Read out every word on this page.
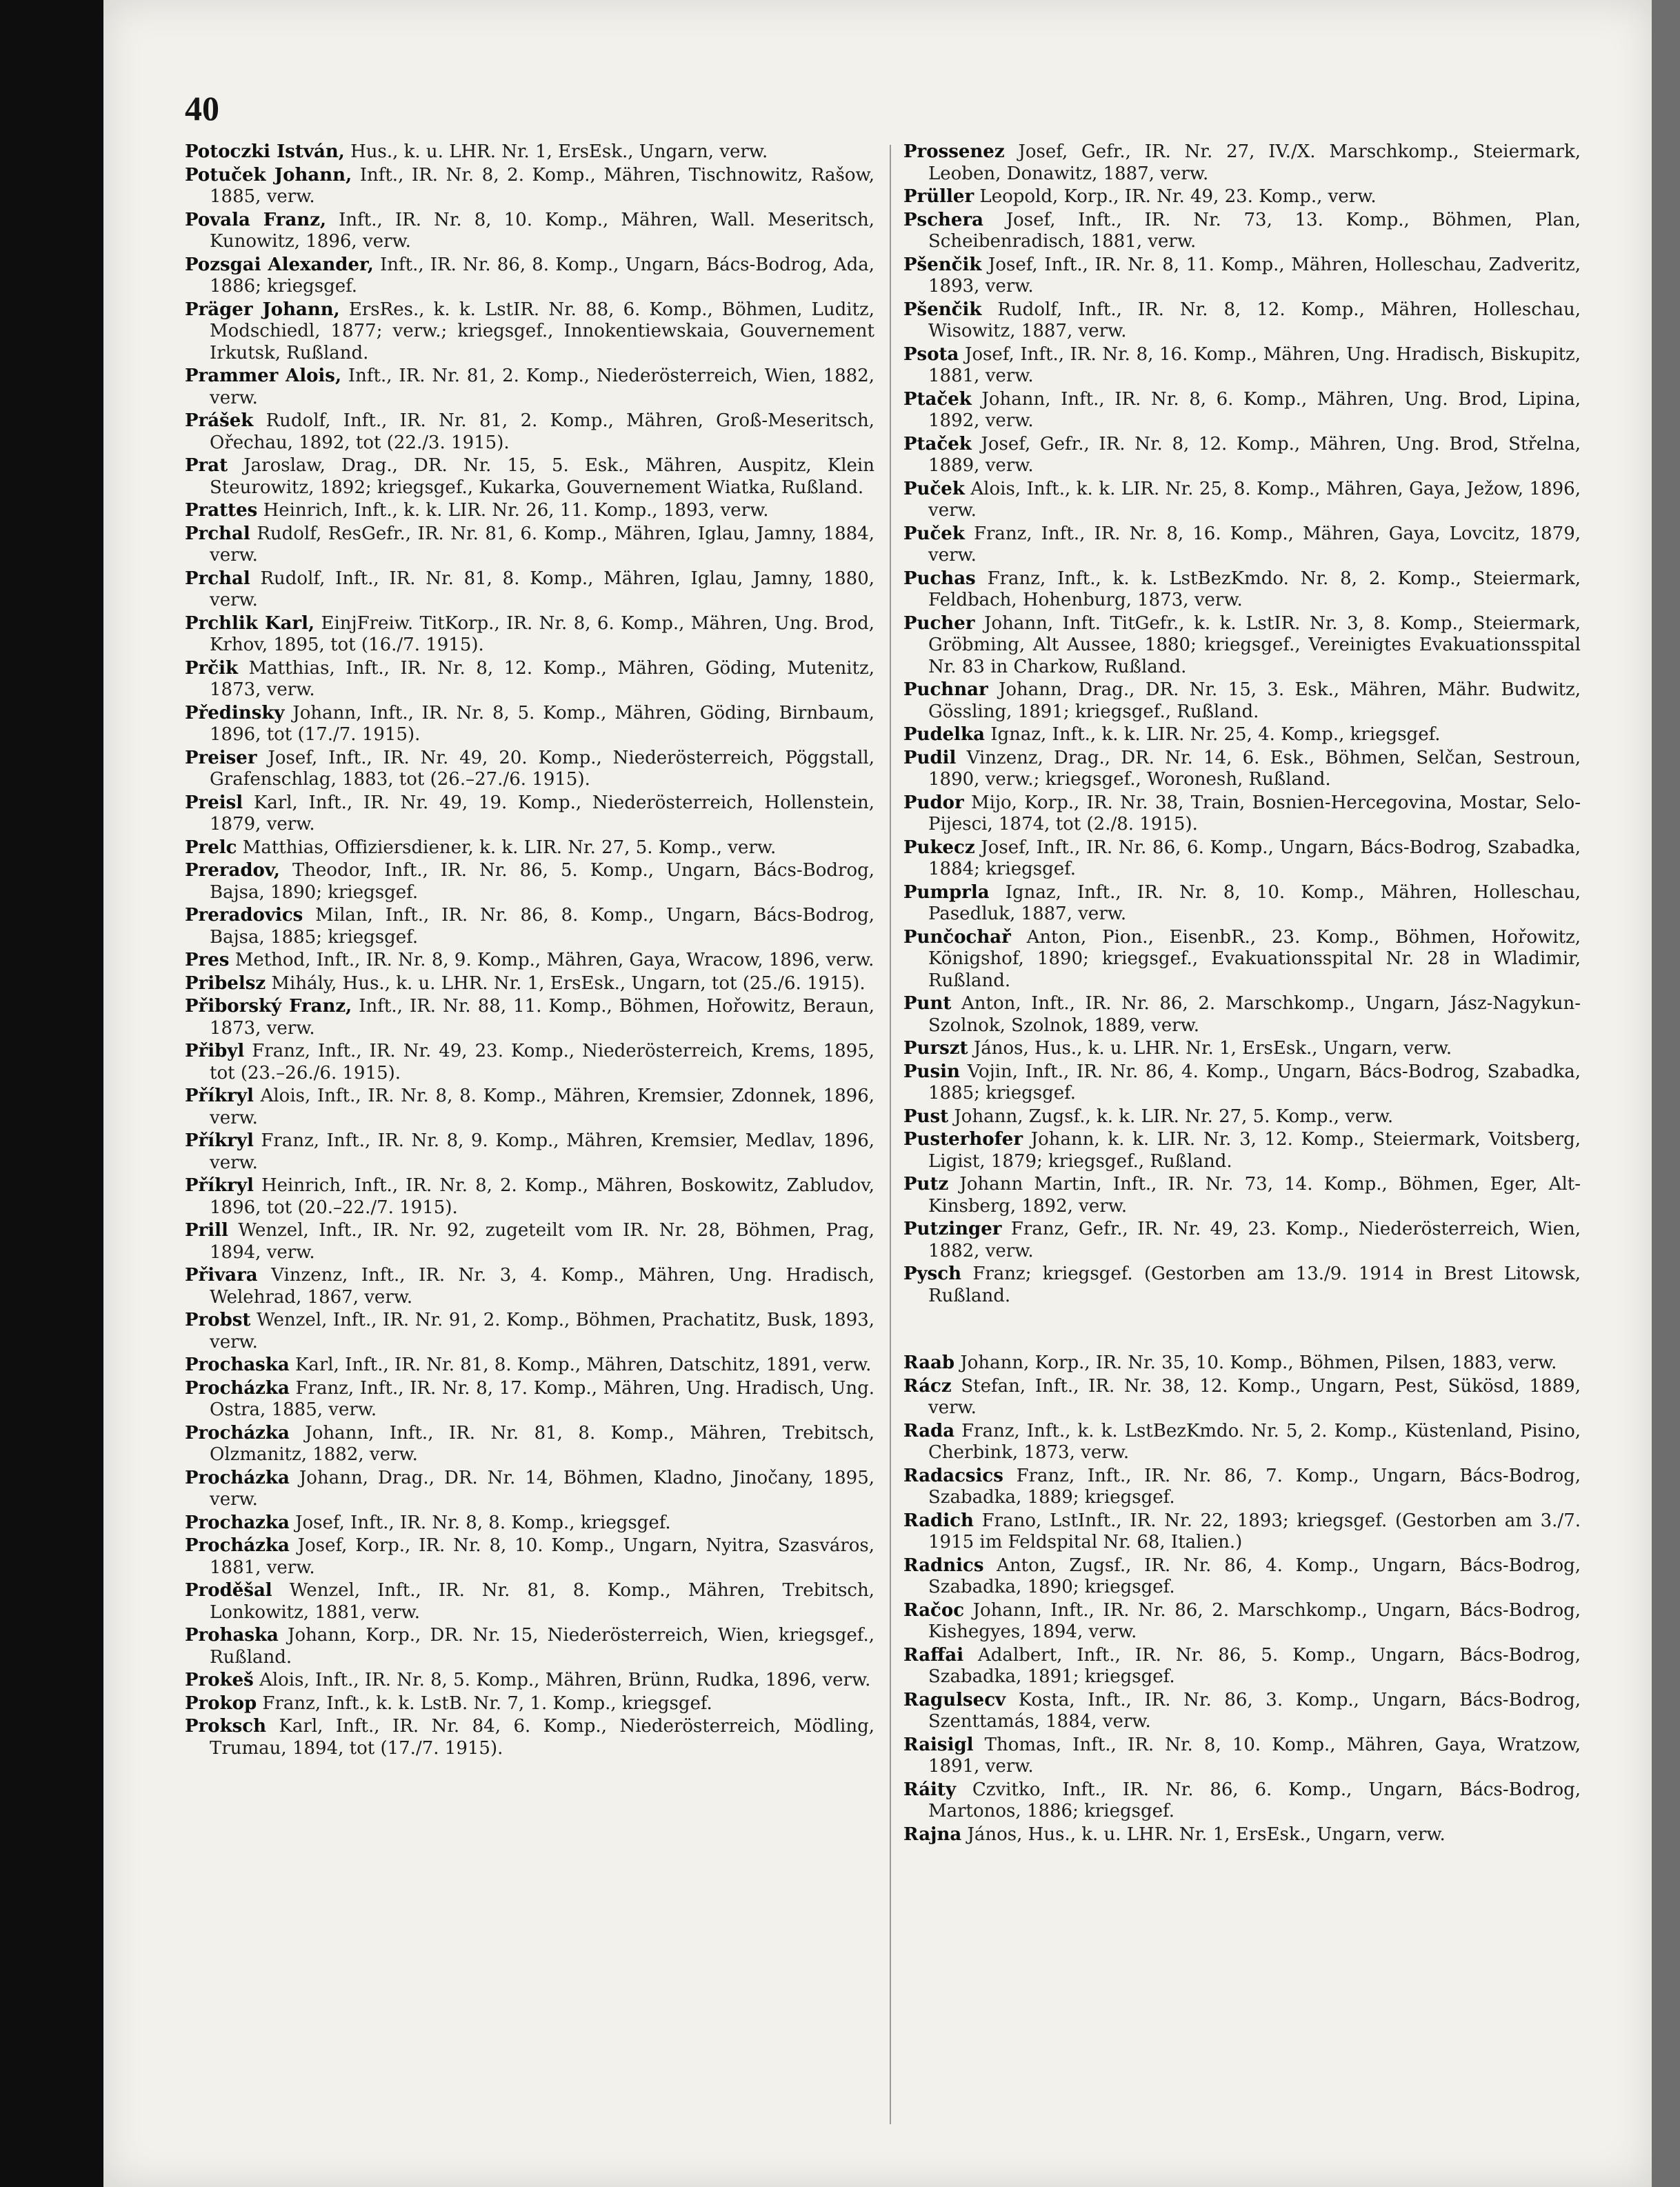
40
Potoczki István, Hus., k. u. LHR. Nr. 1, ErsEsk., Ungarn, verw.
Potuček Johann, Inft., IR. Nr. 8, 2. Komp., Mähren, Tischnowitz, Rašow, 1885, verw.
Povala Franz, Inft., IR. Nr. 8, 10. Komp., Mähren, Wall. Meseritsch, Kunowitz, 1896, verw.
Pozsgai Alexander, Inft., IR. Nr. 86, 8. Komp., Ungarn, Bács-Bodrog, Ada, 1886; kriegsgef.
Präger Johann, ErsRes., k. k. LstIR. Nr. 88, 6. Komp., Böhmen, Luditz, Modschiedl, 1877; verw.; kriegsgef., Innokentiewskaia, Gouvernement Irkutsk, Rußland.
Prammer Alois, Inft., IR. Nr. 81, 2. Komp., Niederösterreich, Wien, 1882, verw.
Prášek Rudolf, Inft., IR. Nr. 81, 2. Komp., Mähren, Groß-Meseritsch, Ořechau, 1892, tot (22./3. 1915).
Prat Jaroslaw, Drag., DR. Nr. 15, 5. Esk., Mähren, Auspitz, Klein Steurowitz, 1892; kriegsgef., Kukarka, Gouvernement Wiatka, Rußland.
Prattes Heinrich, Inft., k. k. LIR. Nr. 26, 11. Komp., 1893, verw.
Prchal Rudolf, ResGefr., IR. Nr. 81, 6. Komp., Mähren, Iglau, Jamny, 1884, verw.
Prchal Rudolf, Inft., IR. Nr. 81, 8. Komp., Mähren, Iglau, Jamny, 1880, verw.
Prchlik Karl, EinjFreiw. TitKorp., IR. Nr. 8, 6. Komp., Mähren, Ung. Brod, Krhov, 1895, tot (16./7. 1915).
Prčik Matthias, Inft., IR. Nr. 8, 12. Komp., Mähren, Göding, Mutenitz, 1873, verw.
Předinsky Johann, Inft., IR. Nr. 8, 5. Komp., Mähren, Göding, Birnbaum, 1896, tot (17./7. 1915).
Preiser Josef, Inft., IR. Nr. 49, 20. Komp., Niederösterreich, Pöggstall, Grafenschlag, 1883, tot (26.–27./6. 1915).
Preisl Karl, Inft., IR. Nr. 49, 19. Komp., Niederösterreich, Hollenstein, 1879, verw.
Prelc Matthias, Offiziersdiener, k. k. LIR. Nr. 27, 5. Komp., verw.
Preradov, Theodor, Inft., IR. Nr. 86, 5. Komp., Ungarn, Bács-Bodrog, Bajsa, 1890; kriegsgef.
Preradovics Milan, Inft., IR. Nr. 86, 8. Komp., Ungarn, Bács-Bodrog, Bajsa, 1885; kriegsgef.
Pres Method, Inft., IR. Nr. 8, 9. Komp., Mähren, Gaya, Wracow, 1896, verw.
Pribelsz Mihály, Hus., k. u. LHR. Nr. 1, ErsEsk., Ungarn, tot (25./6. 1915).
Přiborský Franz, Inft., IR. Nr. 88, 11. Komp., Böhmen, Hořowitz, Beraun, 1873, verw.
Přibyl Franz, Inft., IR. Nr. 49, 23. Komp., Niederösterreich, Krems, 1895, tot (23.–26./6. 1915).
Příkryl Alois, Inft., IR. Nr. 8, 8. Komp., Mähren, Kremsier, Zdonnek, 1896, verw.
Příkryl Franz, Inft., IR. Nr. 8, 9. Komp., Mähren, Kremsier, Medlav, 1896, verw.
Příkryl Heinrich, Inft., IR. Nr. 8, 2. Komp., Mähren, Boskowitz, Zabludov, 1896, tot (20.–22./7. 1915).
Prill Wenzel, Inft., IR. Nr. 92, zugeteilt vom IR. Nr. 28, Böhmen, Prag, 1894, verw.
Přivara Vinzenz, Inft., IR. Nr. 3, 4. Komp., Mähren, Ung. Hradisch, Welehrad, 1867, verw.
Probst Wenzel, Inft., IR. Nr. 91, 2. Komp., Böhmen, Prachatitz, Busk, 1893, verw.
Prochaska Karl, Inft., IR. Nr. 81, 8. Komp., Mähren, Datschitz, 1891, verw.
Procházka Franz, Inft., IR. Nr. 8, 17. Komp., Mähren, Ung. Hradisch, Ung. Ostra, 1885, verw.
Procházka Johann, Inft., IR. Nr. 81, 8. Komp., Mähren, Trebitsch, Olzmanitz, 1882, verw.
Procházka Johann, Drag., DR. Nr. 14, Böhmen, Kladno, Jinočany, 1895, verw.
Prochazka Josef, Inft., IR. Nr. 8, 8. Komp., kriegsgef.
Procházka Josef, Korp., IR. Nr. 8, 10. Komp., Ungarn, Nyitra, Szasváros, 1881, verw.
Proděšal Wenzel, Inft., IR. Nr. 81, 8. Komp., Mähren, Trebitsch, Lonkowitz, 1881, verw.
Prohaska Johann, Korp., DR. Nr. 15, Niederösterreich, Wien, kriegsgef., Rußland.
Prokeš Alois, Inft., IR. Nr. 8, 5. Komp., Mähren, Brünn, Rudka, 1896, verw.
Prokop Franz, Inft., k. k. LstB. Nr. 7, 1. Komp., kriegsgef.
Proksch Karl, Inft., IR. Nr. 84, 6. Komp., Niederösterreich, Mödling, Trumau, 1894, tot (17./7. 1915).
Prossenez Josef, Gefr., IR. Nr. 27, IV./X. Marschkomp., Steiermark, Leoben, Donawitz, 1887, verw.
Prüller Leopold, Korp., IR. Nr. 49, 23. Komp., verw.
Pschera Josef, Inft., IR. Nr. 73, 13. Komp., Böhmen, Plan, Scheibenradisch, 1881, verw.
Pšenčik Josef, Inft., IR. Nr. 8, 11. Komp., Mähren, Holleschau, Zadveritz, 1893, verw.
Pšenčik Rudolf, Inft., IR. Nr. 8, 12. Komp., Mähren, Holleschau, Wisowitz, 1887, verw.
Psota Josef, Inft., IR. Nr. 8, 16. Komp., Mähren, Ung. Hradisch, Biskupitz, 1881, verw.
Ptaček Johann, Inft., IR. Nr. 8, 6. Komp., Mähren, Ung. Brod, Lipina, 1892, verw.
Ptaček Josef, Gefr., IR. Nr. 8, 12. Komp., Mähren, Ung. Brod, Střelna, 1889, verw.
Puček Alois, Inft., k. k. LIR. Nr. 25, 8. Komp., Mähren, Gaya, Ježow, 1896, verw.
Puček Franz, Inft., IR. Nr. 8, 16. Komp., Mähren, Gaya, Lovcitz, 1879, verw.
Puchas Franz, Inft., k. k. LstBezKmdo. Nr. 8, 2. Komp., Steiermark, Feldbach, Hohenburg, 1873, verw.
Pucher Johann, Inft. TitGefr., k. k. LstIR. Nr. 3, 8. Komp., Steiermark, Gröbming, Alt Aussee, 1880; kriegsgef., Vereinigtes Evakuationsspital Nr. 83 in Charkow, Rußland.
Puchnar Johann, Drag., DR. Nr. 15, 3. Esk., Mähren, Mähr. Budwitz, Gössling, 1891; kriegsgef., Rußland.
Pudelka Ignaz, Inft., k. k. LIR. Nr. 25, 4. Komp., kriegsgef.
Pudil Vinzenz, Drag., DR. Nr. 14, 6. Esk., Böhmen, Selčan, Sestroun, 1890, verw.; kriegsgef., Woronesh, Rußland.
Pudor Mijo, Korp., IR. Nr. 38, Train, Bosnien-Hercegovina, Mostar, Selo-Pijesci, 1874, tot (2./8. 1915).
Pukecz Josef, Inft., IR. Nr. 86, 6. Komp., Ungarn, Bács-Bodrog, Szabadka, 1884; kriegsgef.
Pumprla Ignaz, Inft., IR. Nr. 8, 10. Komp., Mähren, Holleschau, Pasedluk, 1887, verw.
Punčochař Anton, Pion., EisenbR., 23. Komp., Böhmen, Hořowitz, Königshof, 1890; kriegsgef., Evakuationsspital Nr. 28 in Wladimir, Rußland.
Punt Anton, Inft., IR. Nr. 86, 2. Marschkomp., Ungarn, Jász-Nagykun-Szolnok, Szolnok, 1889, verw.
Purszt János, Hus., k. u. LHR. Nr. 1, ErsEsk., Ungarn, verw.
Pusin Vojin, Inft., IR. Nr. 86, 4. Komp., Ungarn, Bács-Bodrog, Szabadka, 1885; kriegsgef.
Pust Johann, Zugsf., k. k. LIR. Nr. 27, 5. Komp., verw.
Pusterhofer Johann, k. k. LIR. Nr. 3, 12. Komp., Steiermark, Voitsberg, Ligist, 1879; kriegsgef., Rußland.
Putz Johann Martin, Inft., IR. Nr. 73, 14. Komp., Böhmen, Eger, Alt-Kinsberg, 1892, verw.
Putzinger Franz, Gefr., IR. Nr. 49, 23. Komp., Niederösterreich, Wien, 1882, verw.
Pysch Franz; kriegsgef. (Gestorben am 13./9. 1914 in Brest Litowsk, Rußland.
Raab Johann, Korp., IR. Nr. 35, 10. Komp., Böhmen, Pilsen, 1883, verw.
Rácz Stefan, Inft., IR. Nr. 38, 12. Komp., Ungarn, Pest, Sükösd, 1889, verw.
Rada Franz, Inft., k. k. LstBezKmdo. Nr. 5, 2. Komp., Küstenland, Pisino, Cherbink, 1873, verw.
Radacsics Franz, Inft., IR. Nr. 86, 7. Komp., Ungarn, Bács-Bodrog, Szabadka, 1889; kriegsgef.
Radich Frano, LstInft., IR. Nr. 22, 1893; kriegsgef. (Gestorben am 3./7. 1915 im Feldspital Nr. 68, Italien.)
Radnics Anton, Zugsf., IR. Nr. 86, 4. Komp., Ungarn, Bács-Bodrog, Szabadka, 1890; kriegsgef.
Račoc Johann, Inft., IR. Nr. 86, 2. Marschkomp., Ungarn, Bács-Bodrog, Kishegyes, 1894, verw.
Raffai Adalbert, Inft., IR. Nr. 86, 5. Komp., Ungarn, Bács-Bodrog, Szabadka, 1891; kriegsgef.
Ragulsecv Kosta, Inft., IR. Nr. 86, 3. Komp., Ungarn, Bács-Bodrog, Szenttamás, 1884, verw.
Raisigl Thomas, Inft., IR. Nr. 8, 10. Komp., Mähren, Gaya, Wratzow, 1891, verw.
Ráity Czvitko, Inft., IR. Nr. 86, 6. Komp., Ungarn, Bács-Bodrog, Martonos, 1886; kriegsgef.
Rajna János, Hus., k. u. LHR. Nr. 1, ErsEsk., Ungarn, verw.
